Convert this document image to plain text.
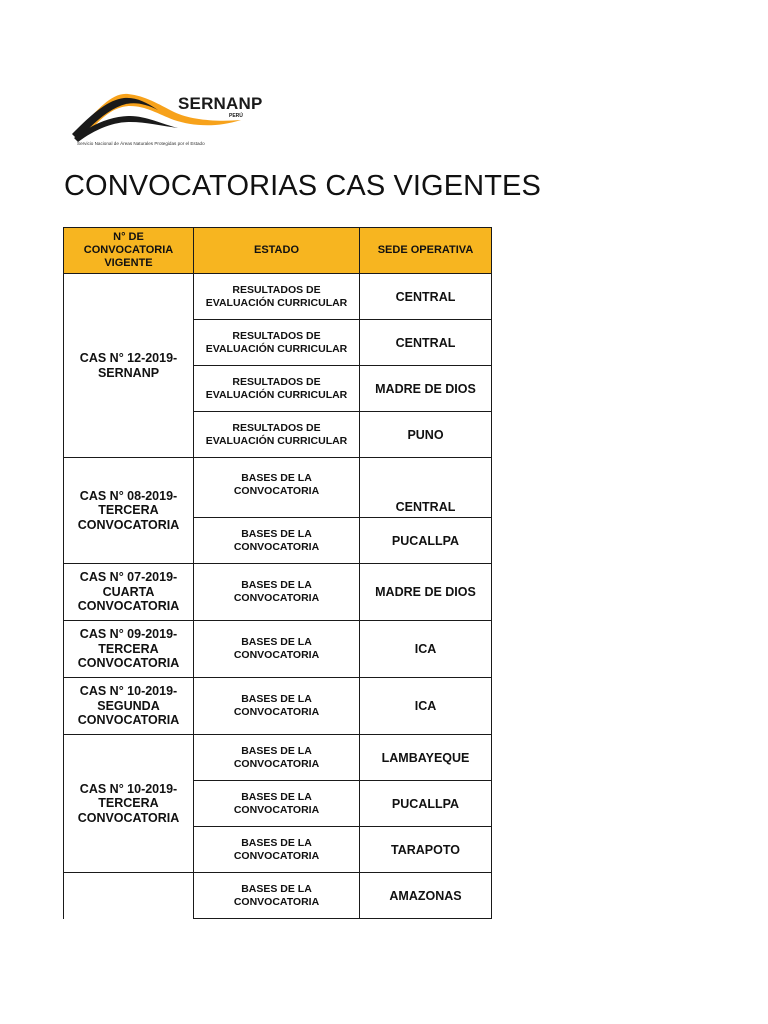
SERNANP
PERÚ
Servicio Nacional de Áreas Naturales Protegidas por el Estado
CONVOCATORIAS CAS VIGENTES
N° DE CONVOCATORIA VIGENTE	ESTADO	SEDE OPERATIVA
CAS N° 12-2019-SERNANP	RESULTADOS DE EVALUACIÓN CURRICULAR	CENTRAL
	RESULTADOS DE EVALUACIÓN CURRICULAR	CENTRAL
	RESULTADOS DE EVALUACIÓN CURRICULAR	MADRE DE DIOS
	RESULTADOS DE EVALUACIÓN CURRICULAR	PUNO
CAS N° 08-2019-TERCERA CONVOCATORIA	BASES DE LA CONVOCATORIA	CENTRAL
	BASES DE LA CONVOCATORIA	PUCALLPA
CAS N° 07-2019-CUARTA CONVOCATORIA	BASES DE LA CONVOCATORIA	MADRE DE DIOS
CAS N° 09-2019-TERCERA CONVOCATORIA	BASES DE LA CONVOCATORIA	ICA
CAS N° 10-2019-SEGUNDA CONVOCATORIA	BASES DE LA CONVOCATORIA	ICA
CAS N° 10-2019-TERCERA CONVOCATORIA	BASES DE LA CONVOCATORIA	LAMBAYEQUE
	BASES DE LA CONVOCATORIA	PUCALLPA
	BASES DE LA CONVOCATORIA	TARAPOTO
	BASES DE LA CONVOCATORIA	AMAZONAS
